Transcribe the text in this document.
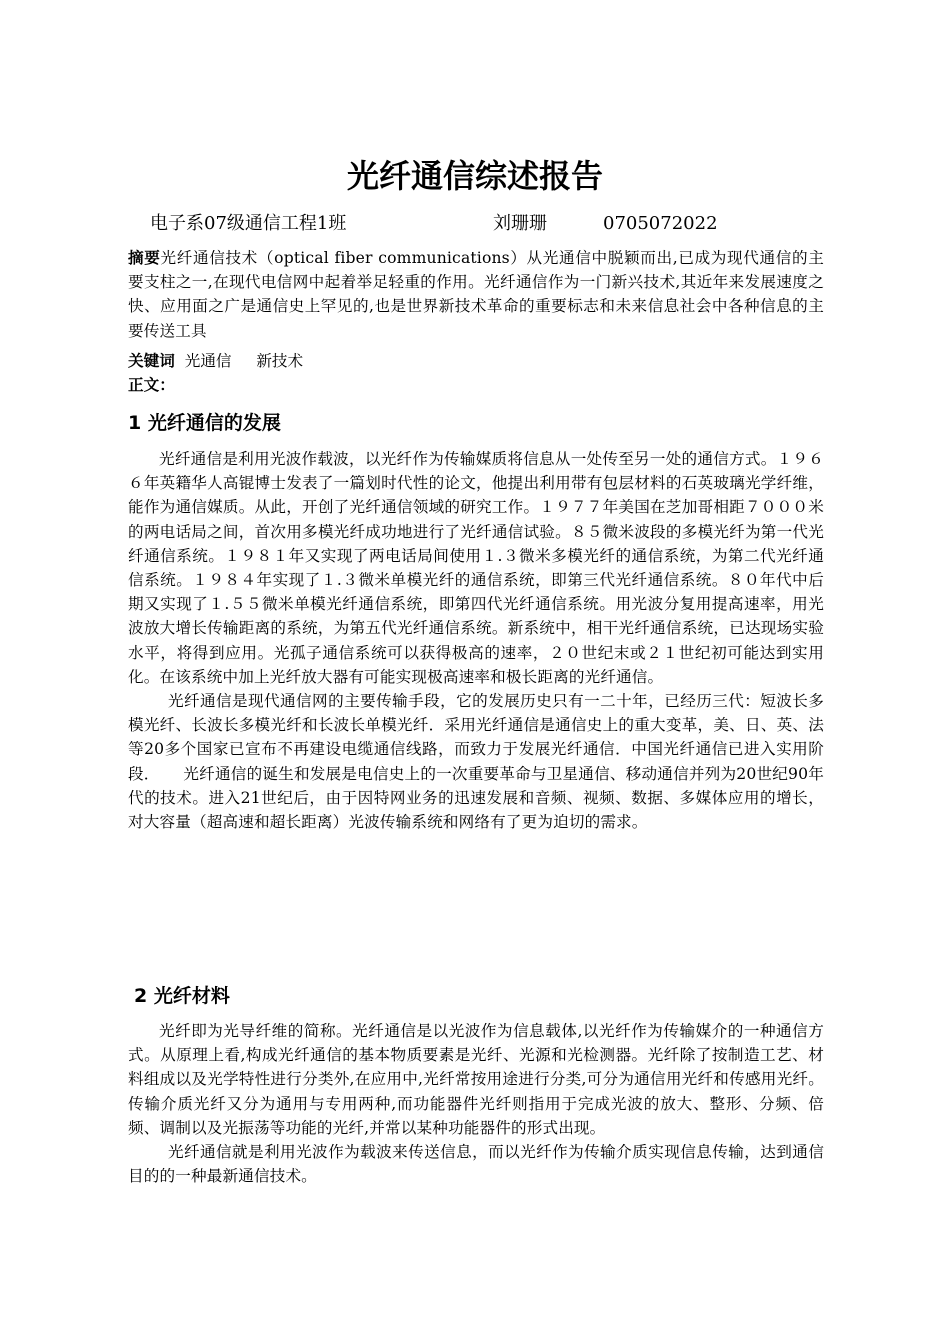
光纤通信综述报告
电子系07级通信工程1班	刘珊珊	0705072022

摘要光纤通信技术（optical fiber communications）从光通信中脱颖而出,已成为现代通信的主要支柱之一,在现代电信网中起着举足轻重的作用。光纤通信作为一门新兴技术,其近年来发展速度之快、应用面之广是通信史上罕见的,也是世界新技术革命的重要标志和未来信息社会中各种信息的主要传送工具

关键词 光通信 新技术
正文：
1 光纤通信的发展

光纤通信是利用光波作载波，以光纤作为传输媒质将信息从一处传至另一处的通信方式。１９６６年英籍华人高锟博士发表了一篇划时代性的论文，他提出利用带有包层材料的石英玻璃光学纤维，能作为通信媒质。从此，开创了光纤通信领域的研究工作。１９７７年美国在芝加哥相距７０００米的两电话局之间，首次用多模光纤成功地进行了光纤通信试验。８５微米波段的多模光纤为第一代光纤通信系统。１９８１年又实现了两电话局间使用１.３微米多模光纤的通信系统，为第二代光纤通信系统。１９８４年实现了１.３微米单模光纤的通信系统，即第三代光纤通信系统。８０年代中后期又实现了１.５５微米单模光纤通信系统，即第四代光纤通信系统。用光波分复用提高速率，用光波放大增长传输距离的系统，为第五代光纤通信系统。新系统中，相干光纤通信系统，已达现场实验水平，将得到应用。光孤子通信系统可以获得极高的速率，２０世纪末或２１世纪初可能达到实用化。在该系统中加上光纤放大器有可能实现极高速率和极长距离的光纤通信。

光纤通信是现代通信网的主要传输手段，它的发展历史只有一二十年，已经历三代：短波长多模光纤、长波长多模光纤和长波长单模光纤．采用光纤通信是通信史上的重大变革，美、日、英、法等20多个国家已宣布不再建设电缆通信线路，而致力于发展光纤通信．中国光纤通信已进入实用阶段．　　光纤通信的诞生和发展是电信史上的一次重要革命与卫星通信、移动通信并列为20世纪90年代的技术。进入21世纪后，由于因特网业务的迅速发展和音频、视频、数据、多媒体应用的增长，对大容量（超高速和超长距离）光波传输系统和网络有了更为迫切的需求。

2 光纤材料

光纤即为光导纤维的简称。光纤通信是以光波作为信息载体,以光纤作为传输媒介的一种通信方式。从原理上看,构成光纤通信的基本物质要素是光纤、光源和光检测器。光纤除了按制造工艺、材料组成以及光学特性进行分类外,在应用中,光纤常按用途进行分类,可分为通信用光纤和传感用光纤。传输介质光纤又分为通用与专用两种,而功能器件光纤则指用于完成光波的放大、整形、分频、倍频、调制以及光振荡等功能的光纤,并常以某种功能器件的形式出现。

光纤通信就是利用光波作为载波来传送信息，而以光纤作为传输介质实现信息传输，达到通信目的的一种最新通信技术。
